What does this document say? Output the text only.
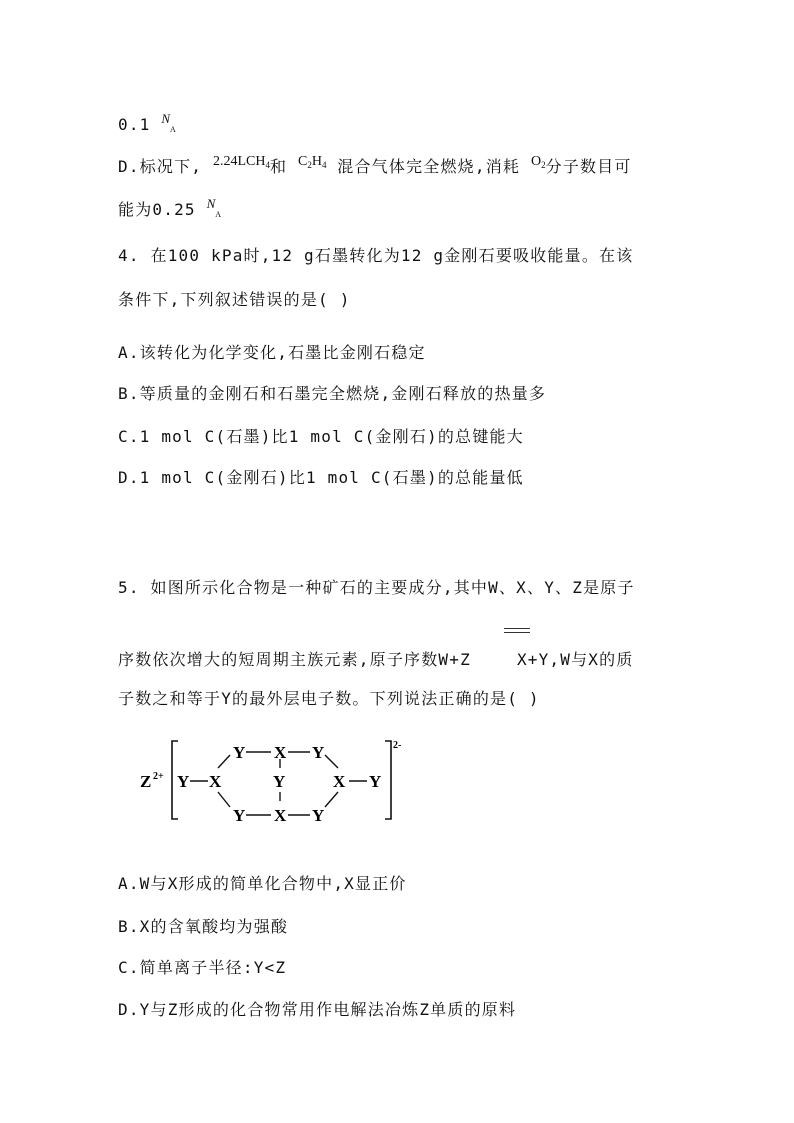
0.1 $^N$A
D.标况下, 2.24LCH$^4$和 $C^2H^4$ 混合气体完全燃烧,消耗 $O^2$分子数目可
能为0.25 $^N$A
4. 在100 kPa时,12 g石墨转化为12 g金刚石要吸收能量。在该
条件下,下列叙述错误的是( )
A.该转化为化学变化,石墨比金刚石稳定
B.等质量的金刚石和石墨完全燃烧,金刚石释放的热量多
C.1 mol C(石墨)比1 mol C(金刚石)的总键能大
D.1 mol C(金刚石)比1 mol C(石墨)的总能量低
5. 如图所示化合物是一种矿石的主要成分,其中W、X、Y、Z是原子
序数依次增大的短周期主族元素,原子序数W+Z	X+Y,W与X的质
子数之和等于Y的最外层电子数。下列说法正确的是( )
Z 2+
2-
Y X Y
Y X	Y	X Y
Y X Y
A.W与X形成的简单化合物中,X显正价
B.X的含氧酸均为强酸
C.简单离子半径:Y<Z
D.Y与Z形成的化合物常用作电解法冶炼Z单质的原料
